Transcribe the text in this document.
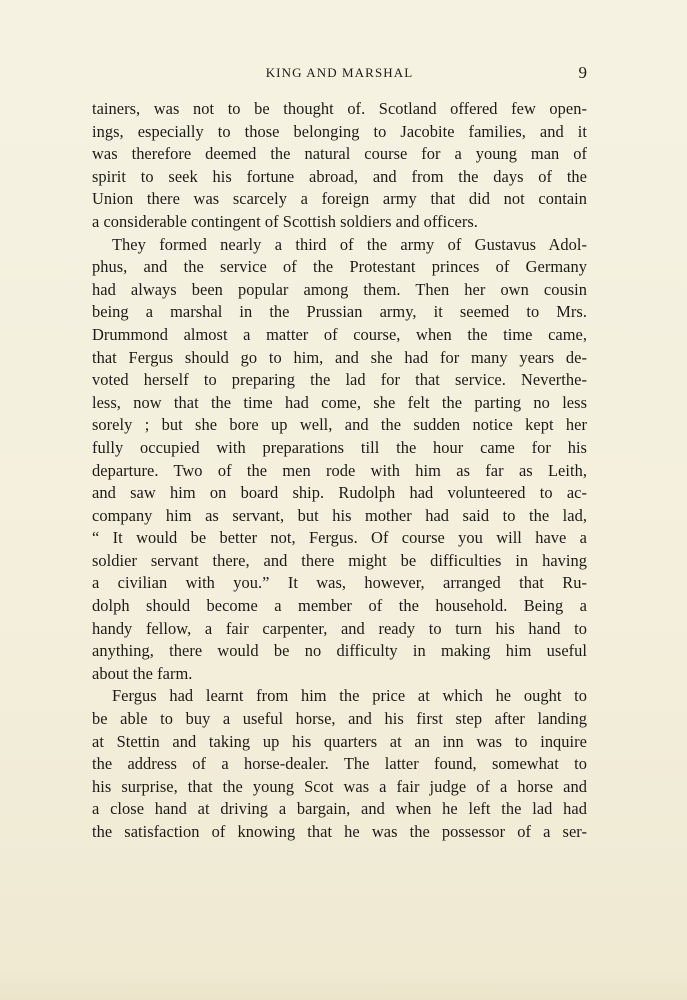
KING AND MARSHAL	9
tainers, was not to be thought of. Scotland offered few open-
ings, especially to those belonging to Jacobite families, and it
was therefore deemed the natural course for a young man of
spirit to seek his fortune abroad, and from the days of the
Union there was scarcely a foreign army that did not contain
a considerable contingent of Scottish soldiers and officers.
They formed nearly a third of the army of Gustavus Adol-
phus, and the service of the Protestant princes of Germany
had always been popular among them. Then her own cousin
being a marshal in the Prussian army, it seemed to Mrs.
Drummond almost a matter of course, when the time came,
that Fergus should go to him, and she had for many years de-
voted herself to preparing the lad for that service. Neverthe-
less, now that the time had come, she felt the parting no less
sorely ; but she bore up well, and the sudden notice kept her
fully occupied with preparations till the hour came for his
departure. Two of the men rode with him as far as Leith,
and saw him on board ship. Rudolph had volunteered to ac-
company him as servant, but his mother had said to the lad,
“ It would be better not, Fergus. Of course you will have a
soldier servant there, and there might be difficulties in having
a civilian with you.” It was, however, arranged that Ru-
dolph should become a member of the household. Being a
handy fellow, a fair carpenter, and ready to turn his hand to
anything, there would be no difficulty in making him useful
about the farm.
Fergus had learnt from him the price at which he ought to
be able to buy a useful horse, and his first step after landing
at Stettin and taking up his quarters at an inn was to inquire
the address of a horse-dealer. The latter found, somewhat to
his surprise, that the young Scot was a fair judge of a horse and
a close hand at driving a bargain, and when he left the lad had
the satisfaction of knowing that he was the possessor of a ser-
